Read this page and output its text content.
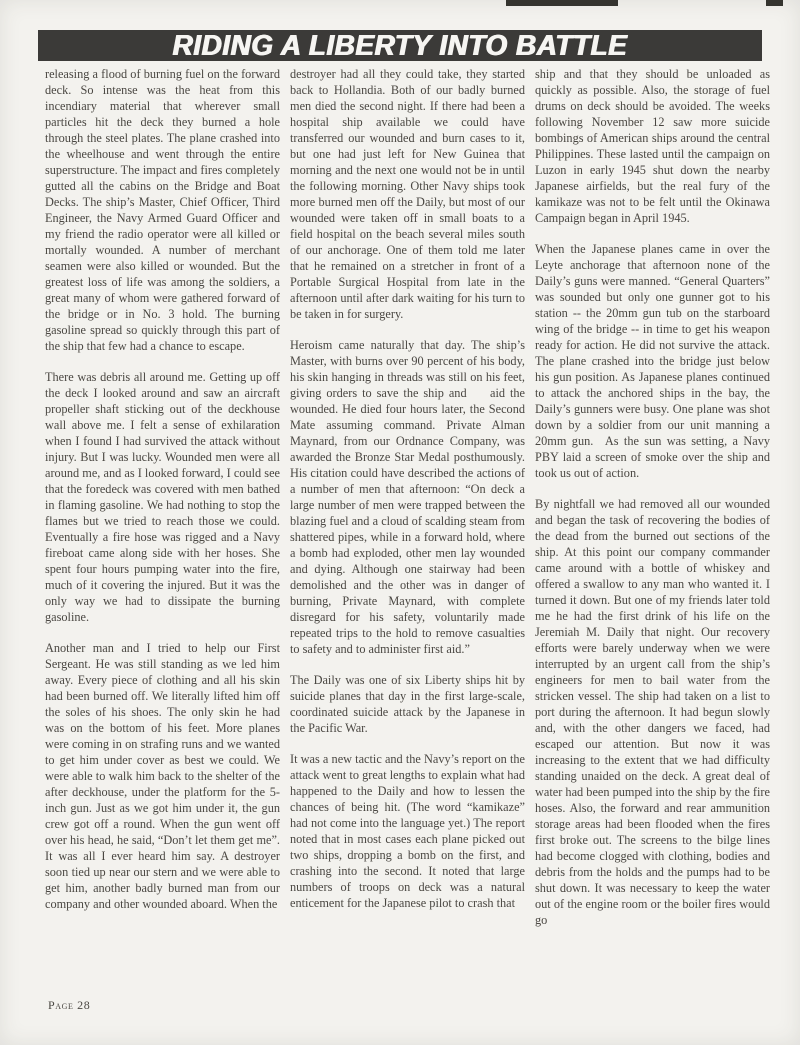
RIDING A LIBERTY INTO BATTLE

releasing a flood of burning fuel on the forward deck. So intense was the heat from this incendiary material that wherever small particles hit the deck they burned a hole through the steel plates. The plane crashed into the wheelhouse and went through the entire superstructure. The impact and fires completely gutted all the cabins on the Bridge and Boat Decks. The ship’s Master, Chief Officer, Third Engineer, the Navy Armed Guard Officer and my friend the radio operator were all killed or mortally wounded. A number of merchant seamen were also killed or wounded. But the greatest loss of life was among the soldiers, a great many of whom were gathered forward of the bridge or in No. 3 hold. The burning gasoline spread so quickly through this part of the ship that few had a chance to escape.

There was debris all around me. Getting up off the deck I looked around and saw an aircraft propeller shaft sticking out of the deckhouse wall above me. I felt a sense of exhilaration when I found I had survived the attack without injury. But I was lucky. Wounded men were all around me, and as I looked forward, I could see that the foredeck was covered with men bathed in flaming gasoline. We had nothing to stop the flames but we tried to reach those we could. Eventually a fire hose was rigged and a Navy fireboat came along side with her hoses. She spent four hours pumping water into the fire, much of it covering the injured. But it was the only way we had to dissipate the burning gasoline.

Another man and I tried to help our First Sergeant. He was still standing as we led him away. Every piece of clothing and all his skin had been burned off. We literally lifted him off the soles of his shoes. The only skin he had was on the bottom of his feet. More planes were coming in on strafing runs and we wanted to get him under cover as best we could. We were able to walk him back to the shelter of the after deckhouse, under the platform for the 5-inch gun. Just as we got him under it, the gun crew got off a round. When the gun went off over his head, he said, “Don’t let them get me”. It was all I ever heard him say. A destroyer soon tied up near our stern and we were able to get him, another badly burned man from our company and other wounded aboard. When the

destroyer had all they could take, they started back to Hollandia. Both of our badly burned men died the second night. If there had been a hospital ship available we could have transferred our wounded and burn cases to it, but one had just left for New Guinea that morning and the next one would not be in until the following morning. Other Navy ships took more burned men off the Daily, but most of our wounded were taken off in small boats to a field hospital on the beach several miles south of our anchorage. One of them told me later that he remained on a stretcher in front of a Portable Surgical Hospital from late in the afternoon until after dark waiting for his turn to be taken in for surgery.

Heroism came naturally that day. The ship’s Master, with burns over 90 percent of his body, his skin hanging in threads was still on his feet, giving orders to save the ship and   aid the wounded. He died four hours later, the Second Mate assuming command. Private Alman Maynard, from our Ordnance Company, was awarded the Bronze Star Medal posthumously. His citation could have described the actions of a number of men that afternoon: “On deck a large number of men were trapped between the blazing fuel and a cloud of scalding steam from shattered pipes, while in a forward hold, where a bomb had exploded, other men lay wounded and dying. Although one stairway had been demolished and the other was in danger of burning, Private Maynard, with complete disregard for his safety, voluntarily made repeated trips to the hold to remove casualties to safety and to administer first aid.”

The Daily was one of six Liberty ships hit by suicide planes that day in the first large-scale, coordinated suicide attack by the Japanese in the Pacific War.

It was a new tactic and the Navy’s report on the attack went to great lengths to explain what had happened to the Daily and how to lessen the chances of being hit. (The word “kamikaze” had not come into the language yet.) The report noted that in most cases each plane picked out two ships, dropping a bomb on the first, and crashing into the second. It noted that large numbers of troops on deck was a natural enticement for the Japanese pilot to crash that

ship and that they should be unloaded as quickly as possible. Also, the storage of fuel drums on deck should be avoided. The weeks following November 12 saw more suicide bombings of American ships around the central Philippines. These lasted until the campaign on Luzon in early 1945 shut down the nearby Japanese airfields, but the real fury of the kamikaze was not to be felt until the Okinawa Campaign began in April 1945.

When the Japanese planes came in over the Leyte anchorage that afternoon none of the Daily’s guns were manned. “General Quarters” was sounded but only one gunner got to his station -- the 20mm gun tub on the starboard wing of the bridge -- in time to get his weapon ready for action. He did not survive the attack. The plane crashed into the bridge just below his gun position. As Japanese planes continued to attack the anchored ships in the bay, the Daily’s gunners were busy. One plane was shot down by a soldier from our unit manning a 20mm gun.  As the sun was setting, a Navy PBY laid a screen of smoke over the ship and took us out of action.

By nightfall we had removed all our wounded and began the task of recovering the bodies of the dead from the burned out sections of the ship. At this point our company commander came around with a bottle of whiskey and offered a swallow to any man who wanted it. I turned it down. But one of my friends later told me he had the first drink of his life on the Jeremiah M. Daily that night. Our recovery efforts were barely underway when we were interrupted by an urgent call from the ship’s engineers for men to bail water from the stricken vessel. The ship had taken on a list to port during the afternoon. It had begun slowly and, with the other dangers we faced, had escaped our attention. But now it was increasing to the extent that we had difficulty standing unaided on the deck. A great deal of water had been pumped into the ship by the fire hoses. Also, the forward and rear ammunition storage areas had been flooded when the fires first broke out. The screens to the bilge lines had become clogged with clothing, bodies and debris from the holds and the pumps had to be shut down. It was necessary to keep the water out of the engine room or the boiler fires would go

Page 28
